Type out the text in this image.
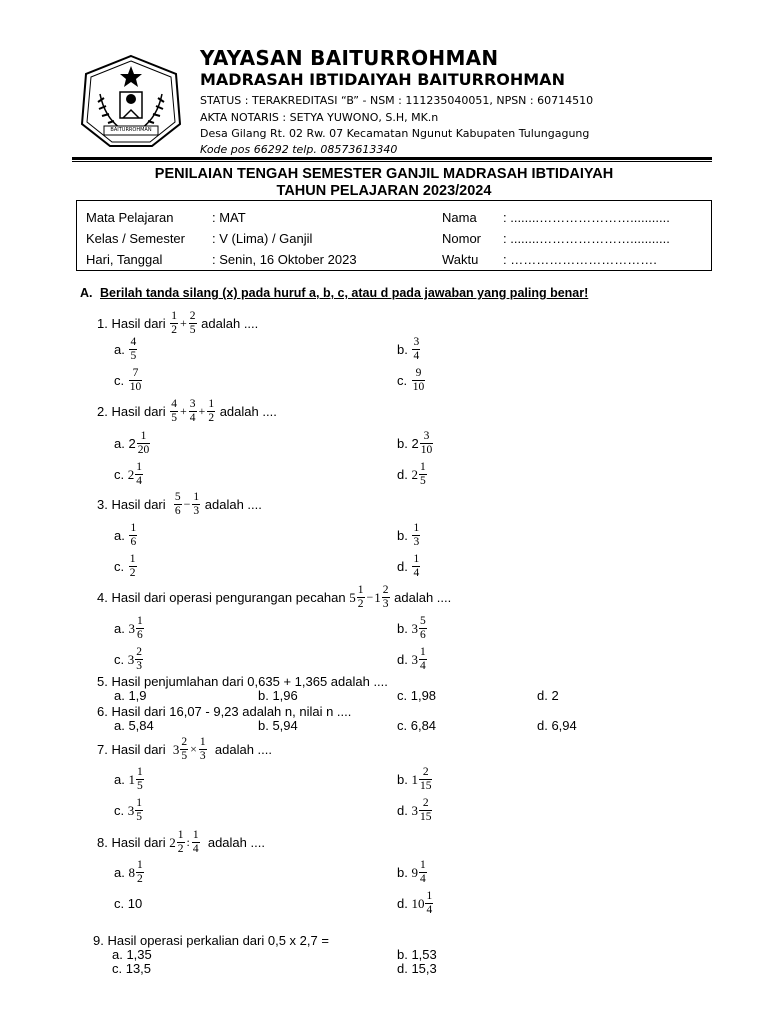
BAITURROHMAN
YAYASAN BAITURROHMAN
MADRASAH IBTIDAIYAH BAITURROHMAN
STATUS : TERAKREDITASI “B” - NSM : 111235040051, NPSN : 60714510
AKTA NOTARIS : SETYA YUWONO, S.H, MK.n
Desa Gilang Rt. 02 Rw. 07 Kecamatan Ngunut Kabupaten Tulungagung
Kode pos 66292 telp. 08573613340
PENILAIAN TENGAH SEMESTER GANJIL MADRASAH IBTIDAIYAH
TAHUN PELAJARAN 2023/2024
Mata Pelajaran	: MAT
Kelas / Semester : V (Lima) / Ganjil
Hari, Tanggal	: Senin, 16 Oktober 2023
Nama : ........…………………...........
Nomor : ........…………………...........
Waktu : …………………………….
A. Berilah tanda silang (x) pada huruf a, b, c, atau d pada jawaban yang paling benar!
1. Hasil dari
$\frac{1}{2} + \frac{2}{5}$
adalah ....
a.
$\frac{4}{5}$	b.
$\frac{3}{4}$
c.
$\frac{7}{10}$	c.
$\frac{9}{10}$
2. Hasil dari
$\frac{4}{5} + \frac{3}{4} + \frac{1}{2}$
adalah ....
a. $2 \frac{1}{20}$	b. $2 \frac{3}{10}$
c.
$2 \frac{1}{4}$	d.
$2 \frac{1}{5}$
3. Hasil dari
$\frac{5}{6} - \frac{1}{3}$
adalah ....
a.
$\frac{1}{6}$	b.
$\frac{1}{3}$
c.
$\frac{1}{2}$	d.
$\frac{1}{4}$
4. Hasil dari operasi pengurangan pecahan
$5 \frac{1}{2} - 1 \frac{2}{3}$
adalah ....
a.
$3 \frac{1}{6}$	b.
$3 \frac{5}{6}$
c.
$3 \frac{2}{3}$	d.
$3 \frac{1}{4}$
5. Hasil penjumlahan dari 0,635 + 1,365 adalah ....
a. 1,9	b. 1,96	c. 1,98	d. 2
6. Hasil dari 16,07 - 9,23 adalah n, nilai n ....
a. 5,84	b. 5,94	c. 6,84	d. 6,94
7. Hasil dari
$3 \frac{2}{5} \times \frac{1}{3}$
adalah ....
a.
$1 \frac{1}{5}$	b.
$1 \frac{2}{15}$
c.
$3 \frac{1}{5}$	d.
$3 \frac{2}{15}$
8. Hasil dari
$2 \frac{1}{2}$ : $\frac{1}{4}$
adalah ....
a.
$8 \frac{1}{2}$	b.
$9 \frac{1}{4}$
c. 10	d.
$10 \frac{1}{4}$
9. Hasil operasi perkalian dari 0,5 x 2,7 =
a. 1,35	b. 1,53
c. 13,5	d. 15,3
